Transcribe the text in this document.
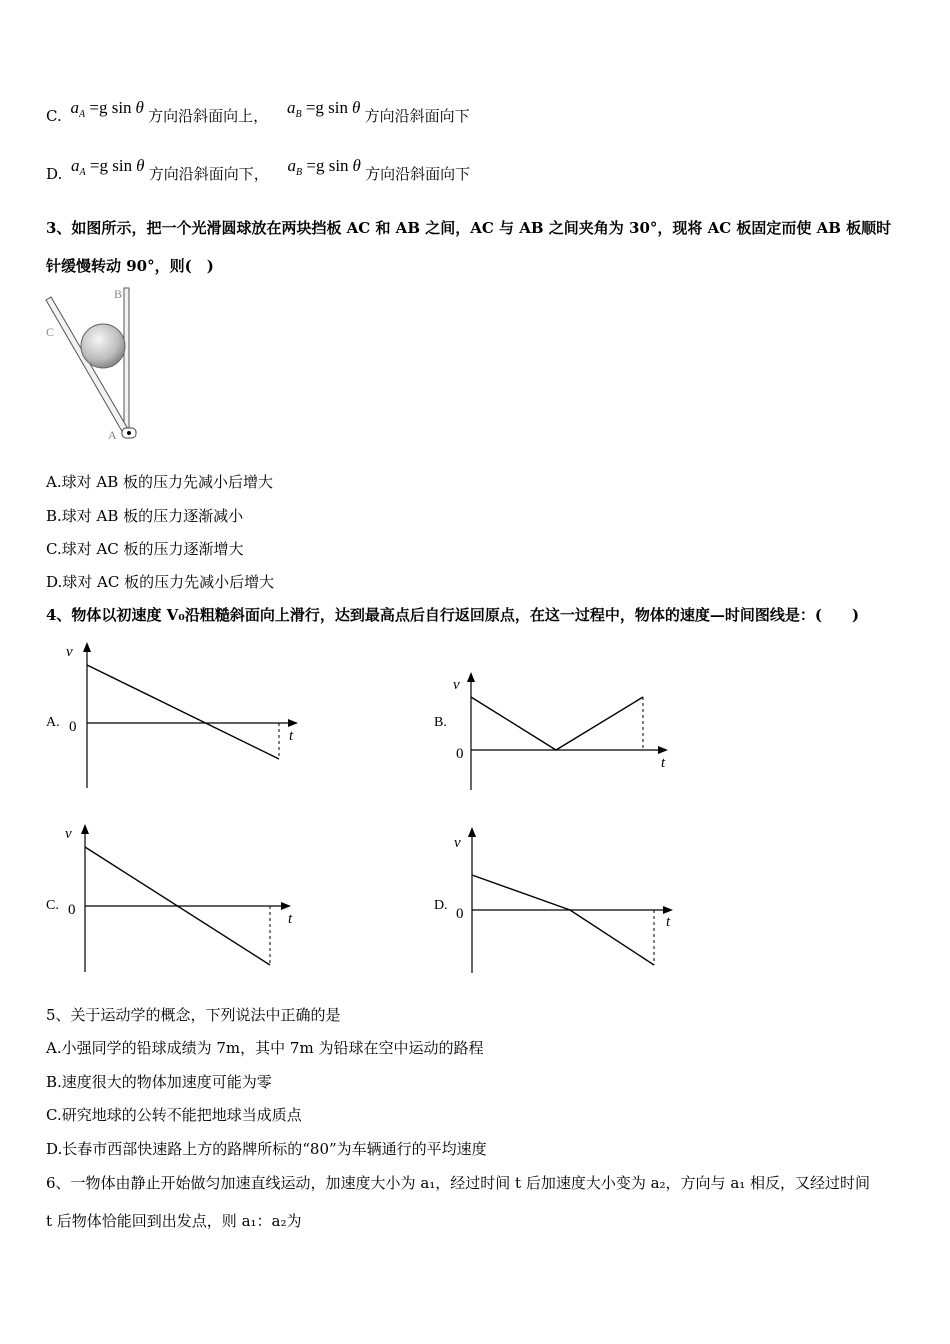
C. $a_A =g$ sin θ 方向沿斜面向上， $a_B =g$ sin θ 方向沿斜面向下
D. $a_A =g$ sin θ 方向沿斜面向下， $a_B =g$ sin θ 方向沿斜面向下
3、如图所示，把一个光滑圆球放在两块挡板 AC 和 AB 之间，AC 与 AB 之间夹角为 30°，现将 AC 板固定而使 AB 板顺时
针缓慢转动 90°，则(　)
B
C
A
A.球对 AB 板的压力先减小后增大
B.球对 AB 板的压力逐渐减小
C.球对 AC 板的压力逐渐增大
D.球对 AC 板的压力先减小后增大
4、物体以初速度 V₀沿粗糙斜面向上滑行，达到最高点后自行返回原点，在这一过程中，物体的速度—时间图线是：(　　)
A.
v
0
t
B.
v
0
t
C.
v
0
t
D.
v
0	t
5、关于运动学的概念，下列说法中正确的是
A.小强同学的铅球成绩为 7m，其中 7m 为铅球在空中运动的路程
B.速度很大的物体加速度可能为零
C.研究地球的公转不能把地球当成质点
D.长春市西部快速路上方的路牌所标的“80”为车辆通行的平均速度
6、一物体由静止开始做匀加速直线运动，加速度大小为 a₁，经过时间 t 后加速度大小变为 a₂，方向与 a₁ 相反，又经过时间
t 后物体恰能回到出发点，则 a₁：a₂为
